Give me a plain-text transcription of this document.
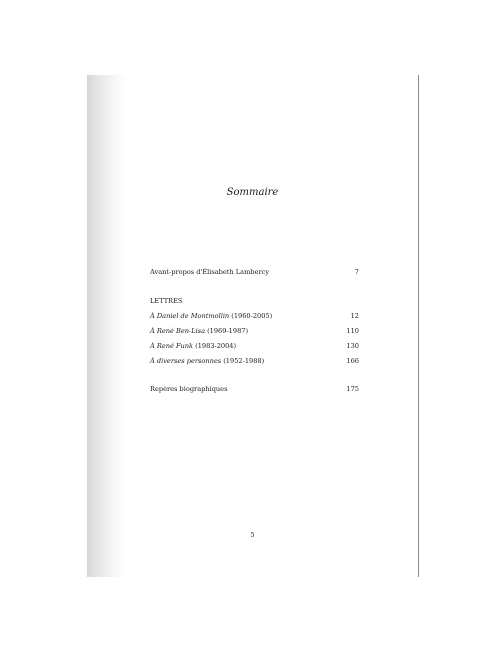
Sommaire
Avant-propos d'Élisabeth Lambercy	7
LETTRES
À Daniel de Montmollin (1960-2005)	12
À René Ben-Lisa (1969-1987)	110
À René Funk (1983-2004)	130
À diverses personnes (1952-1988)	166
Repères biographiques	175
5
